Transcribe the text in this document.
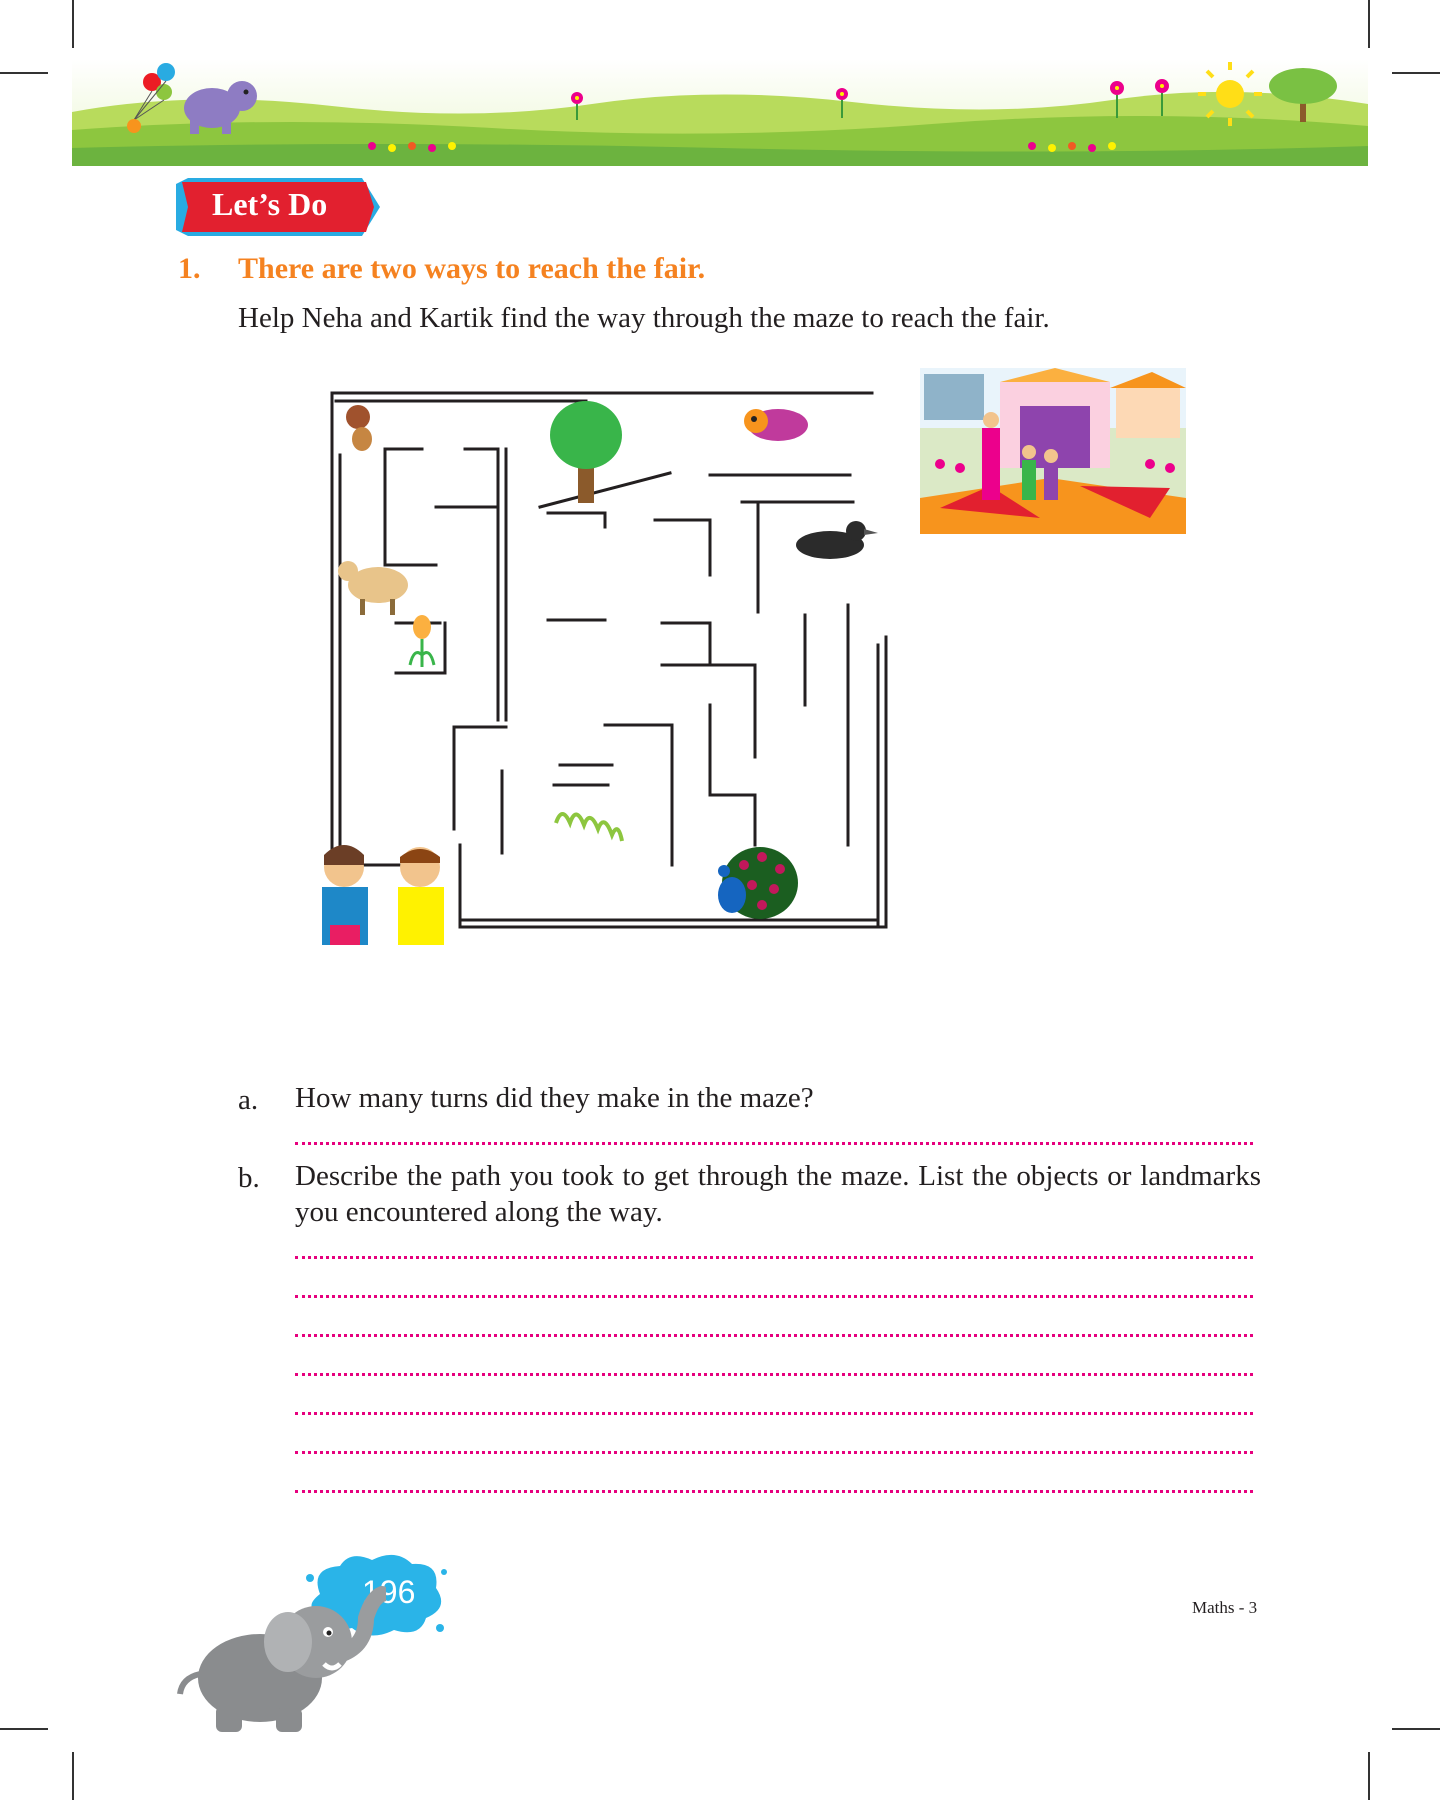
Let’s Do
1. There are two ways to reach the fair.
Help Neha and Kartik find the way through the maze to reach the fair.
a. How many turns did they make in the maze?
b. Describe the path you took to get through the maze. List the objects or landmarks you encountered along the way.
196	Maths - 3
